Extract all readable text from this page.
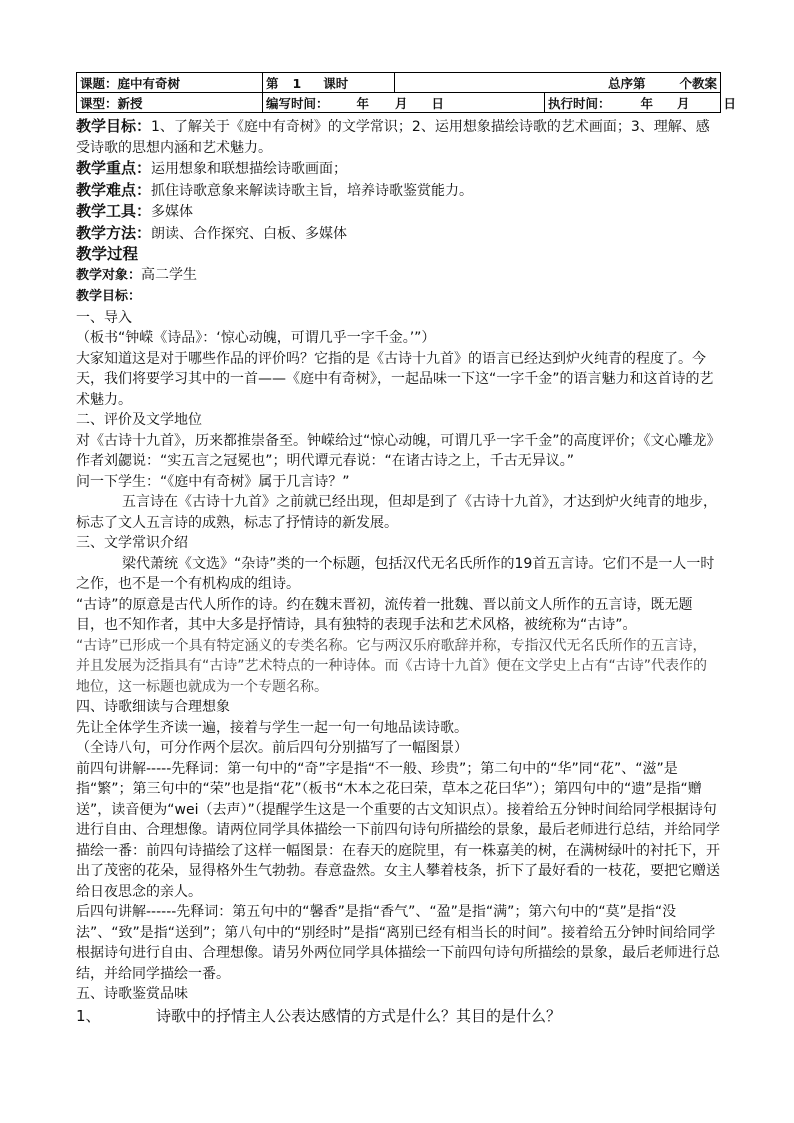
课题：庭中有奇树	第 1 课时		总序第 个教案
课型：新授	编写时间： 年 月 日		执行时间： 年 月 日

教学目标：1、了解关于《庭中有奇树》的文学常识；2、运用想象描绘诗歌的艺术画面；3、理解、感受诗歌的思想内涵和艺术魅力。

教学重点：运用想象和联想描绘诗歌画面；

教学难点：抓住诗歌意象来解读诗歌主旨，培养诗歌鉴赏能力。

教学工具：多媒体

教学方法：朗读、合作探究、白板、多媒体

教学过程

教学对象：高二学生

教学目标：

一、导入

（板书“钟嵘《诗品》：‘惊心动魄，可谓几乎一字千金。’”）

大家知道这是对于哪些作品的评价吗？它指的是《古诗十九首》的语言已经达到炉火纯青的程度了。今天，我们将要学习其中的一首——《庭中有奇树》，一起品味一下这“一字千金”的语言魅力和这首诗的艺术魅力。

二、评价及文学地位

对《古诗十九首》，历来都推崇备至。钟嵘给过“惊心动魄，可谓几乎一字千金”的高度评价；《文心雕龙》作者刘勰说：“实五言之冠冕也”；明代谭元春说：“在诸古诗之上，千古无异议。”

问一下学生：“《庭中有奇树》属于几言诗？”

五言诗在《古诗十九首》之前就已经出现，但却是到了《古诗十九首》，才达到炉火纯青的地步，标志了文人五言诗的成熟，标志了抒情诗的新发展。

三、文学常识介绍

梁代萧统《文选》“杂诗”类的一个标题，包括汉代无名氏所作的19首五言诗。它们不是一人一时之作，也不是一个有机构成的组诗。

“古诗”的原意是古代人所作的诗。约在魏末晋初，流传着一批魏、晋以前文人所作的五言诗，既无题目，也不知作者，其中大多是抒情诗，具有独特的表现手法和艺术风格，被统称为“古诗”。

“古诗”已形成一个具有特定涵义的专类名称。它与两汉乐府歌辞并称，专指汉代无名氏所作的五言诗，并且发展为泛指具有“古诗”艺术特点的一种诗体。而《古诗十九首》便在文学史上占有“古诗”代表作的地位，这一标题也就成为一个专题名称。

四、诗歌细读与合理想象

先让全体学生齐读一遍，接着与学生一起一句一句地品读诗歌。

（全诗八句，可分作两个层次。前后四句分别描写了一幅图景）

前四句讲解-----先释词：第一句中的“奇”字是指“不一般、珍贵”；第二句中的“华”同“花”、“滋”是指“繁”；第三句中的“荣”也是指“花”（板书“木本之花曰荣，草本之花曰华”）；第四句中的“遗”是指“赠送”，读音便为“wei（去声）”（提醒学生这是一个重要的古文知识点）。接着给五分钟时间给同学根据诗句进行自由、合理想像。请两位同学具体描绘一下前四句诗句所描绘的景象，最后老师进行总结，并给同学描绘一番：前四句诗描绘了这样一幅图景：在春天的庭院里，有一株嘉美的树，在满树绿叶的衬托下，开出了茂密的花朵，显得格外生气勃勃。春意盎然。女主人攀着枝条，折下了最好看的一枝花，要把它赠送给日夜思念的亲人。

后四句讲解------先释词：第五句中的“馨香”是指“香气”、“盈”是指“满”；第六句中的“莫”是指“没法”、“致”是指“送到”；第八句中的“别经时”是指“离别已经有相当长的时间”。接着给五分钟时间给同学根据诗句进行自由、合理想像。请另外两位同学具体描绘一下前四句诗句所描绘的景象，最后老师进行总结，并给同学描绘一番。

五、诗歌鉴赏品味

1、	诗歌中的抒情主人公表达感情的方式是什么？其目的是什么？
